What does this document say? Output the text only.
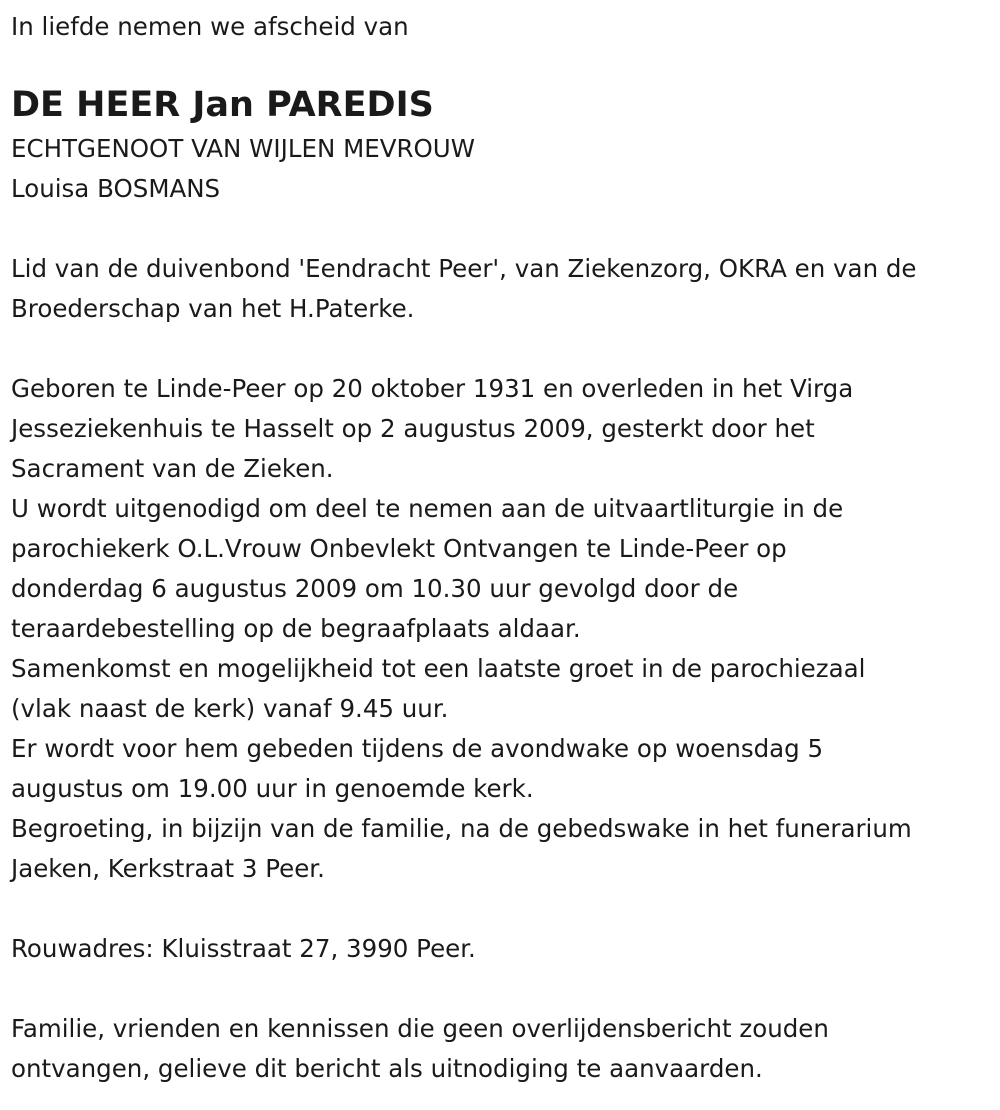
In liefde nemen we afscheid van

DE HEER Jan PAREDIS

ECHTGENOOT VAN WIJLEN MEVROUW

Louisa BOSMANS

Lid van de duivenbond 'Eendracht Peer', van Ziekenzorg, OKRA en van de

Broederschap van het H.Paterke.

Geboren te Linde-Peer op 20 oktober 1931 en overleden in het Virga

Jesseziekenhuis te Hasselt op 2 augustus 2009, gesterkt door het

Sacrament van de Zieken.

U wordt uitgenodigd om deel te nemen aan de uitvaartliturgie in de

parochiekerk O.L.Vrouw Onbevlekt Ontvangen te Linde-Peer op

donderdag 6 augustus 2009 om 10.30 uur gevolgd door de

teraardebestelling op de begraafplaats aldaar.

Samenkomst en mogelijkheid tot een laatste groet in de parochiezaal

(vlak naast de kerk) vanaf 9.45 uur.

Er wordt voor hem gebeden tijdens de avondwake op woensdag 5

augustus om 19.00 uur in genoemde kerk.

Begroeting, in bijzijn van de familie, na de gebedswake in het funerarium

Jaeken, Kerkstraat 3 Peer.

Rouwadres: Kluisstraat 27, 3990 Peer.

Familie, vrienden en kennissen die geen overlijdensbericht zouden

ontvangen, gelieve dit bericht als uitnodiging te aanvaarden.
